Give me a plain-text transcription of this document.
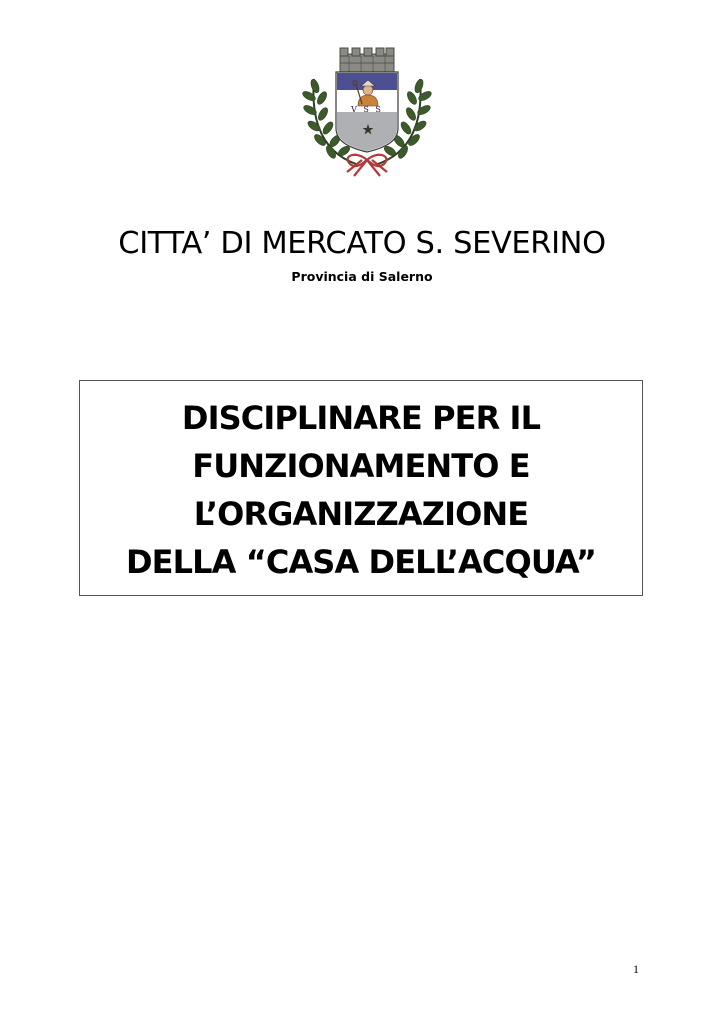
V S S
CITTA’ DI MERCATO S. SEVERINO
Provincia di Salerno
DISCIPLINARE PER IL
FUNZIONAMENTO E
L’ORGANIZZAZIONE
DELLA “CASA DELL’ACQUA”
1
